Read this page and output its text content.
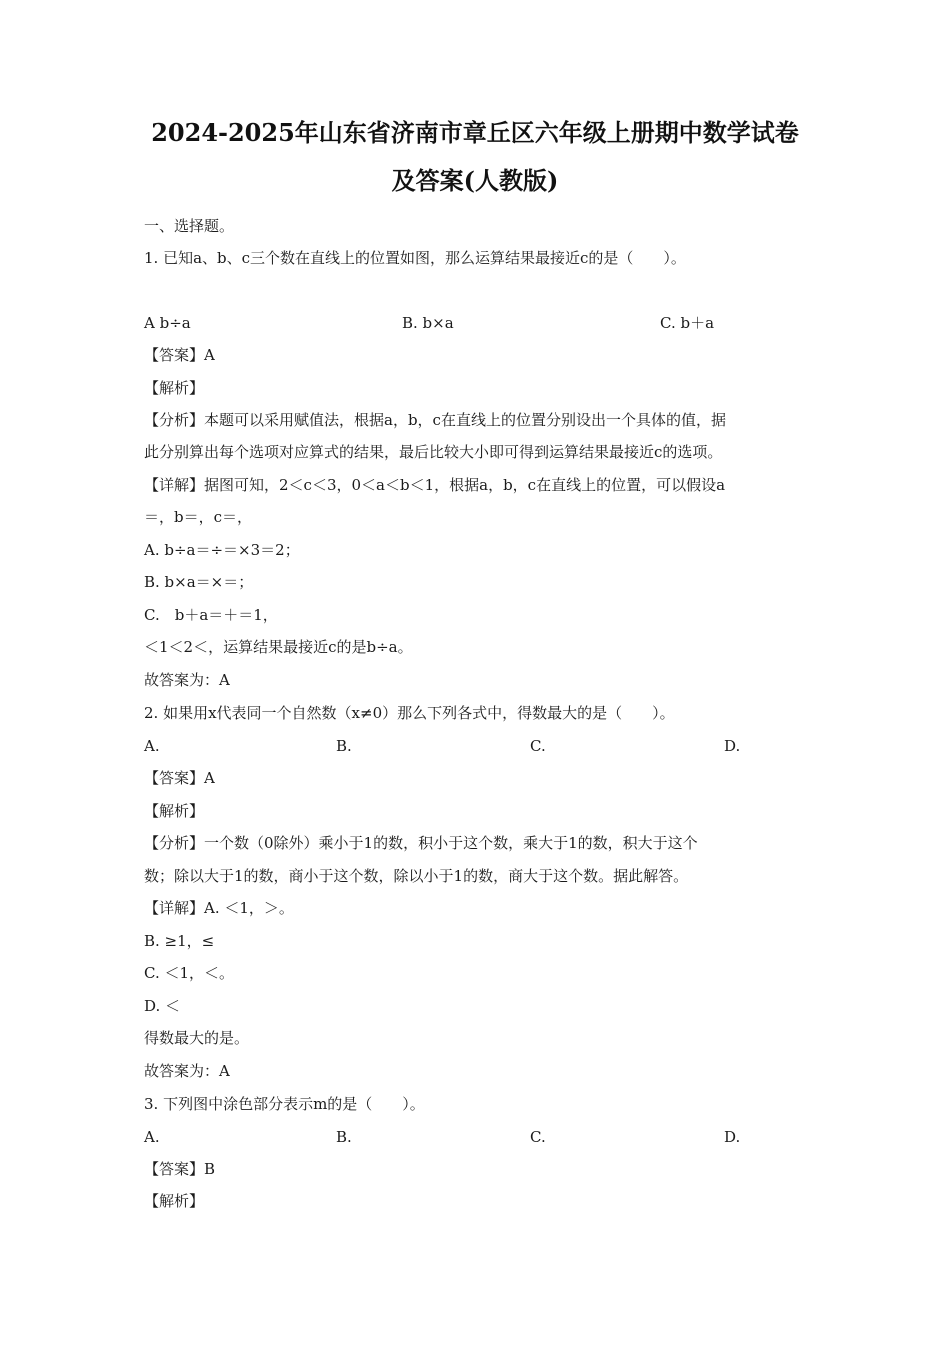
2024-2025年山东省济南市章丘区六年级上册期中数学试卷
及答案(人教版)
一、选择题。
1. 已知a、b、c三个数在直线上的位置如图，那么运算结果最接近c的是（　　）。
A b÷a	B. b×a	C. b＋a
【答案】A
【解析】
【分析】本题可以采用赋值法，根据a，b，c在直线上的位置分别设出一个具体的值，据
此分别算出每个选项对应算式的结果，最后比较大小即可得到运算结果最接近c的选项。
【详解】据图可知，2＜c＜3，0＜a＜b＜1，根据a，b，c在直线上的位置，可以假设a
＝，b＝，c＝，
A. b÷a＝÷＝×3＝2；
B. b×a＝×＝；
C.　b＋a＝＋＝1，
＜1＜2＜，运算结果最接近c的是b÷a。
故答案为：A
2. 如果用x代表同一个自然数（x≠0）那么下列各式中，得数最大的是（　　）。
A.	B.	C.	D.
【答案】A
【解析】
【分析】一个数（0除外）乘小于1的数，积小于这个数，乘大于1的数，积大于这个
数；除以大于1的数，商小于这个数，除以小于1的数，商大于这个数。据此解答。
【详解】A. ＜1，＞。
B. ≥1，≤
C. ＜1，＜。
D. ＜
得数最大的是。
故答案为：A
3. 下列图中涂色部分表示m的是（　　）。
A.	B.	C.	D.
【答案】B
【解析】
